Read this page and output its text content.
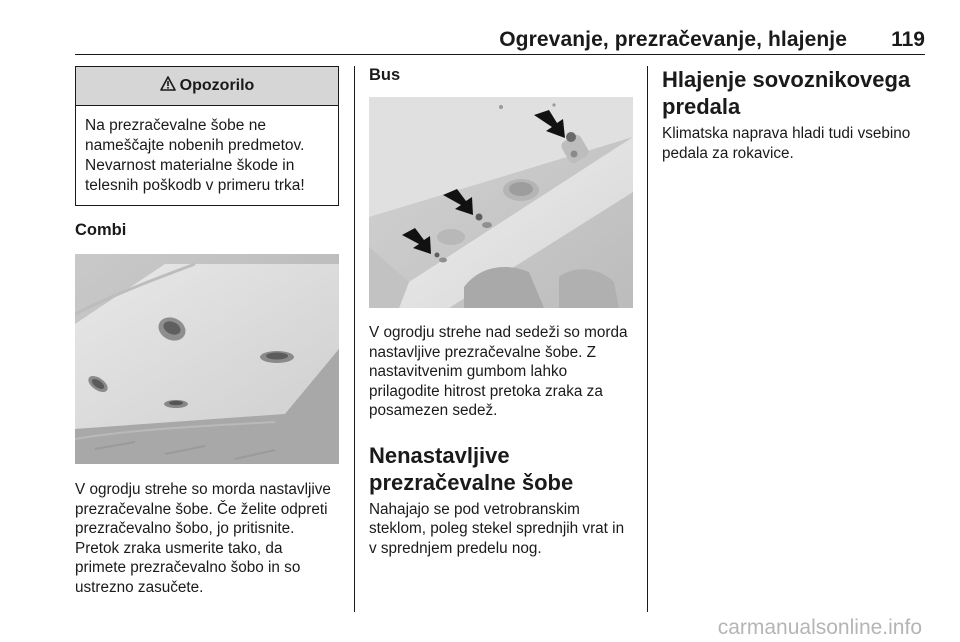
Ogrevanje, prezračevanje, hlajenje 119
Opozorilo
Na prezračevalne šobe ne
nameščajte nobenih predmetov.
Nevarnost materialne škode in
telesnih poškodb v primeru trka!
Combi
V ogrodju strehe so morda nastavljive
prezračevalne šobe. Če želite odpreti
prezračevalno šobo, jo pritisnite.
Pretok zraka usmerite tako, da
primete prezračevalno šobo in so
ustrezno zasučete.
Bus
V ogrodju strehe nad sedeži so morda
nastavljive prezračevalne šobe. Z
nastavitvenim gumbom lahko
prilagodite hitrost pretoka zraka za
posamezen sedež.
Nenastavljive
prezračevalne šobe
Nahajajo se pod vetrobranskim
steklom, poleg stekel sprednjih vrat in
v sprednjem predelu nog.
Hlajenje sovoznikovega
predala
Klimatska naprava hladi tudi vsebino
pedala za rokavice.
carmanualsonline.info
